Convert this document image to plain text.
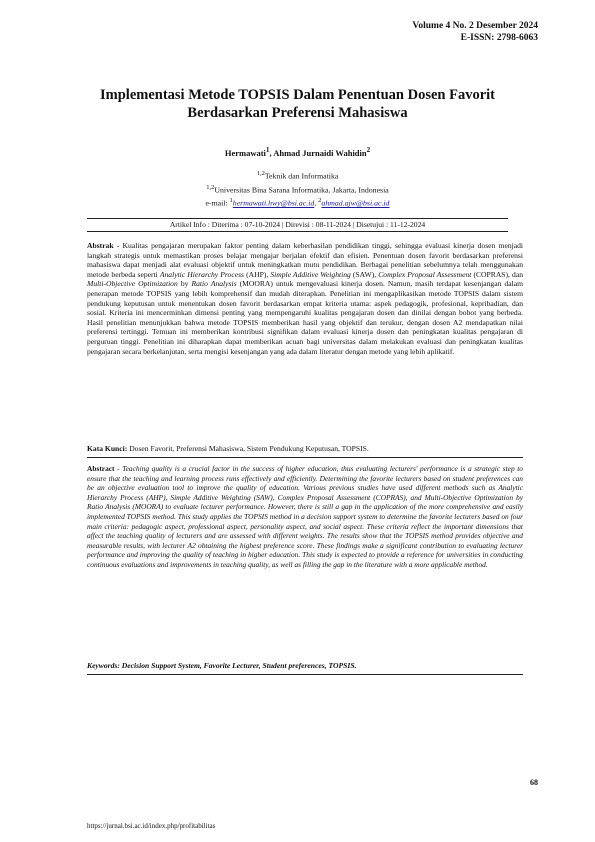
Volume 4 No. 2 Desember 2024
E-ISSN: 2798-6063
Implementasi Metode TOPSIS Dalam Penentuan Dosen Favorit
Berdasarkan Preferensi Mahasiswa
Hermawati$^1$, Ahmad Jurnaidi Wahidin$^2$
$^{1,2}$Teknik dan Informatika
$^{1,2}$Universitas Bina Sarana Informatika, Jakarta, Indonesia
e-mail: $^1$hermawati.hwy@bsi.ac.id, $^2$ahmad.ajw@bsi.ac.id
Artikel Info : Diterima : 07-10-2024 | Direvisi : 08-11-2024 | Disetujui : 11-12-2024
Abstrak - Kualitas pengajaran merupakan faktor penting dalam keberhasilan pendidikan tinggi, sehingga evaluasi kinerja dosen menjadi langkah strategis untuk memastikan proses belajar mengajar berjalan efektif dan efisien. Penentuan dosen favorit berdasarkan preferensi mahasiswa dapat menjadi alat evaluasi objektif untuk meningkatkan mutu pendidikan. Berbagai penelitian sebelumnya telah menggunakan metode berbeda seperti Analytic Hierarchy Process (AHP), Simple Additive Weighting (SAW), Complex Proposal Assessment (COPRAS), dan Multi-Objective Optimization by Ratio Analysis (MOORA) untuk mengevaluasi kinerja dosen. Namun, masih terdapat kesenjangan dalam penerapan metode TOPSIS yang lebih komprehensif dan mudah diterapkan. Penelitian ini mengaplikasikan metode TOPSIS dalam sistem pendukung keputusan untuk menentukan dosen favorit berdasarkan empat kriteria utama: aspek pedagogik, profesional, kepribadian, dan sosial. Kriteria ini mencerminkan dimensi penting yang mempengaruhi kualitas pengajaran dosen dan dinilai dengan bobot yang berbeda. Hasil penelitian menunjukkan bahwa metode TOPSIS memberikan hasil yang objektif dan terukur, dengan dosen A2 mendapatkan nilai preferensi tertinggi. Temuan ini memberikan kontribusi signifikan dalam evaluasi kinerja dosen dan peningkatan kualitas pengajaran di perguruan tinggi. Penelitian ini diharapkan dapat memberikan acuan bagi universitas dalam melakukan evaluasi dan peningkatan kualitas pengajaran secara berkelanjutan, serta mengisi kesenjangan yang ada dalam literatur dengan metode yang lebih aplikatif.
Kata Kunci: Dosen Favorit, Preferensi Mahasiswa, Sistem Pendukung Keputusan, TOPSIS.
Abstract - Teaching quality is a crucial factor in the success of higher education, thus evaluating lecturers' performance is a strategic step to ensure that the teaching and learning process runs effectively and efficiently. Determining the favorite lecturers based on student preferences can be an objective evaluation tool to improve the quality of education. Various previous studies have used different methods such as Analytic Hierarchy Process (AHP), Simple Additive Weighting (SAW), Complex Proposal Assessment (COPRAS), and Multi-Objective Optimization by Ratio Analysis (MOORA) to evaluate lecturer performance. However, there is still a gap in the application of the more comprehensive and easily implemented TOPSIS method. This study applies the TOPSIS method in a decision support system to determine the favorite lecturers based on four main criteria: pedagogic aspect, professional aspect, personality aspect, and social aspect. These criteria reflect the important dimensions that affect the teaching quality of lecturers and are assessed with different weights. The results show that the TOPSIS method provides objective and measurable results, with lecturer A2 obtaining the highest preference score. These findings make a significant contribution to evaluating lecturer performance and improving the quality of teaching in higher education. This study is expected to provide a reference for universities in conducting continuous evaluations and improvements in teaching quality, as well as filling the gap in the literature with a more applicable method.
Keywords: Decision Support System, Favorite Lecturer, Student preferences, TOPSIS.
68
https://jurnal.bsi.ac.id/index.php/profitabilitas
